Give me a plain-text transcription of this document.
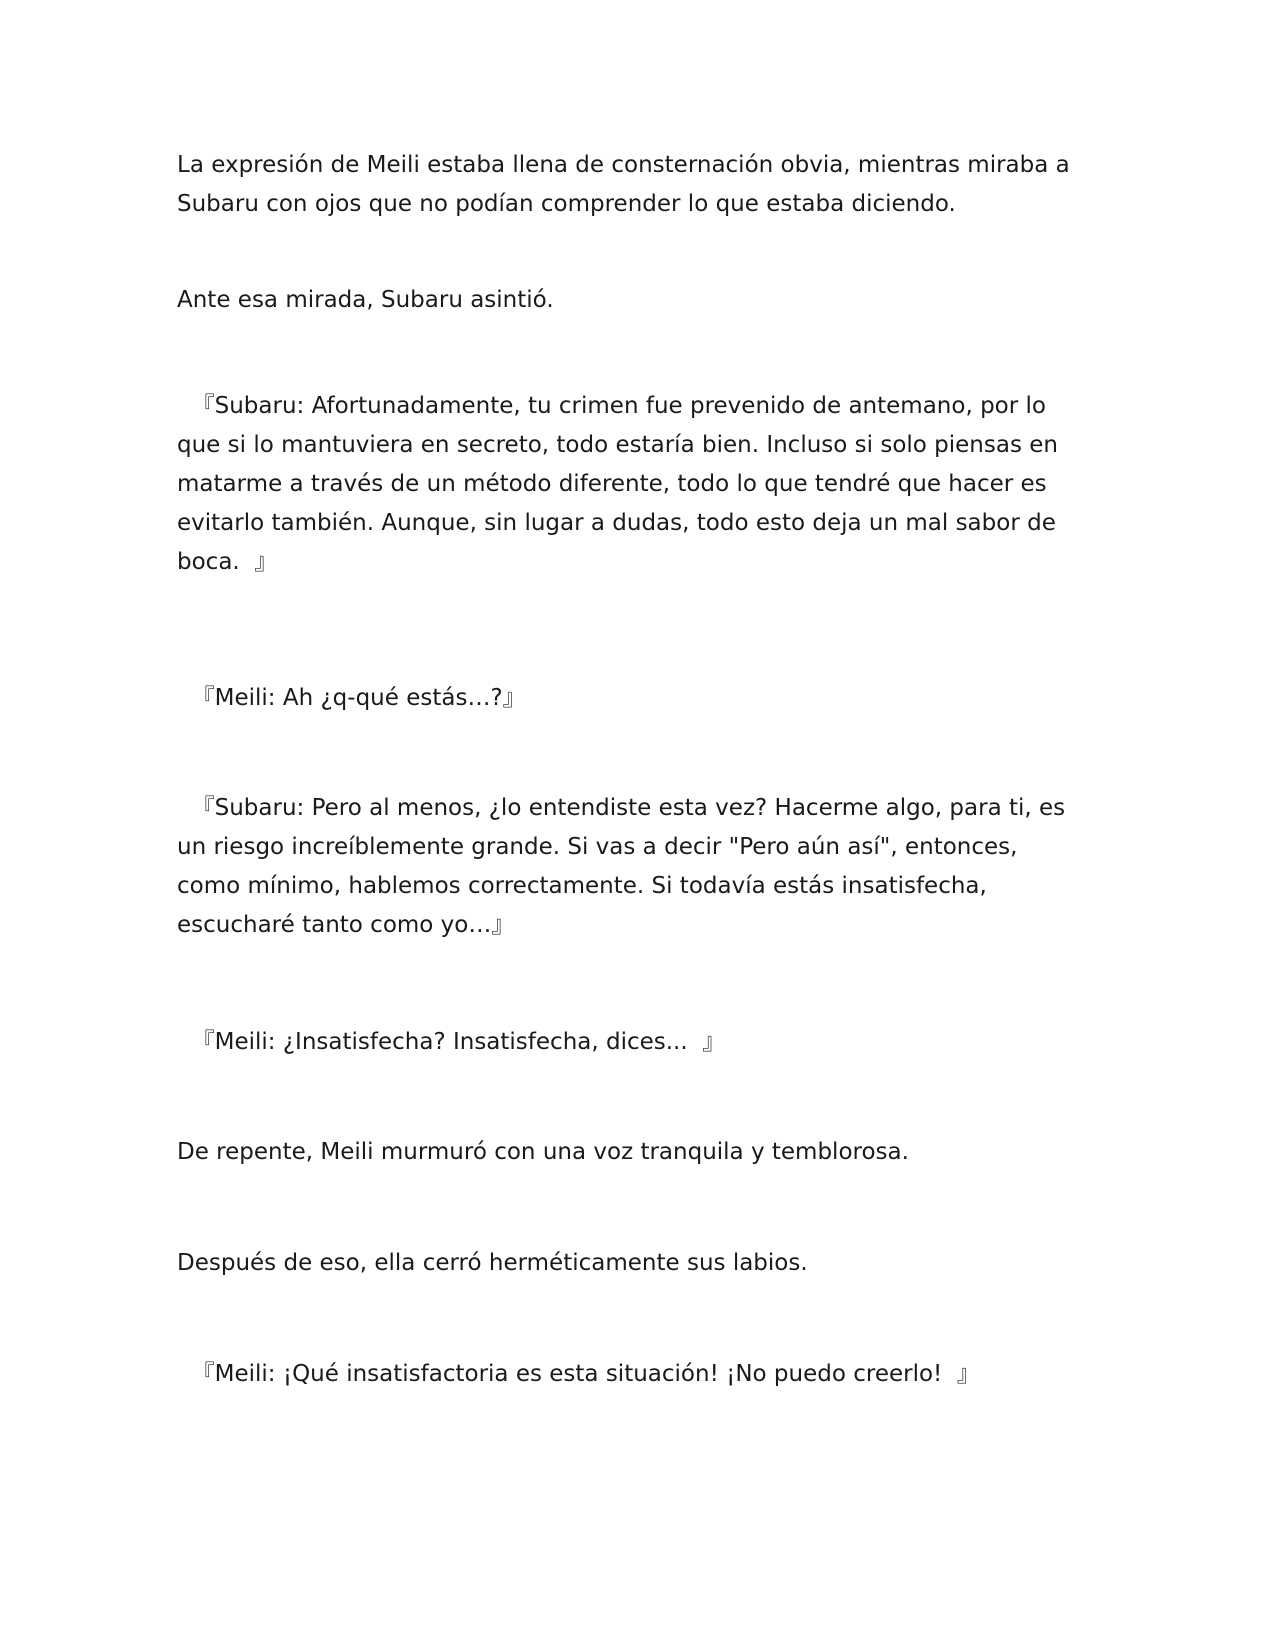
La expresión de Meili estaba llena de consternación obvia, mientras miraba a
Subaru con ojos que no podían comprender lo que estaba diciendo.

Ante esa mirada, Subaru asintió.

『Subaru: Afortunadamente, tu crimen fue prevenido de antemano, por lo
que si lo mantuviera en secreto, todo estaría bien. Incluso si solo piensas en
matarme a través de un método diferente, todo lo que tendré que hacer es
evitarlo también. Aunque, sin lugar a dudas, todo esto deja un mal sabor de
boca.  』

『Meili: Ah ¿q-qué estás…?』

『Subaru: Pero al menos, ¿lo entendiste esta vez? Hacerme algo, para ti, es
un riesgo increíblemente grande. Si vas a decir "Pero aún así", entonces,
como mínimo, hablemos correctamente. Si todavía estás insatisfecha,
escucharé tanto como yo…』

『Meili: ¿Insatisfecha? Insatisfecha, dices...  』

De repente, Meili murmuró con una voz tranquila y temblorosa.

Después de eso, ella cerró herméticamente sus labios.

『Meili: ¡Qué insatisfactoria es esta situación! ¡No puedo creerlo!  』
